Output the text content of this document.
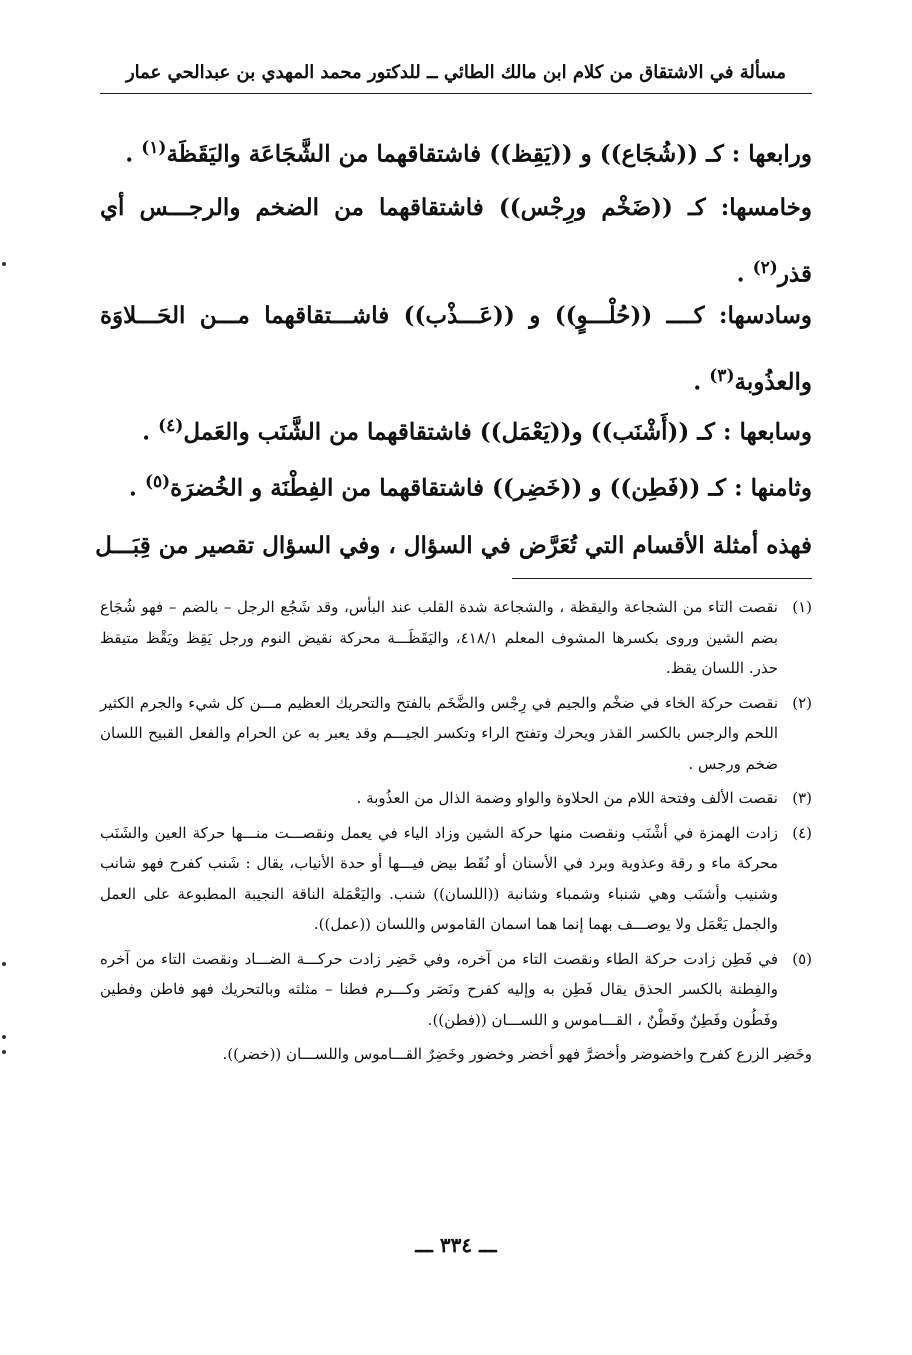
مسألة في الاشتقاق من كلام ابن مالك الطائي ــ للدكتور محمد المهدي بن عبدالحي عمار

ورابعها : كـ ((شُجَاع)) و ((يَقِظ)) فاشتقاقهما من الشَّجَاعَة واليَقَظَة$^{(١)}$ .

وخامسها: كـ ((ضَخْم ورِجْس)) فاشتقاقهما من الضخم والرجـــس أي قذر$^{(٢)}$ .

وسادسها: كــــ ((حُلْـــوٍ)) و ((عَـــذْب)) فاشـــتقاقهما مـــن الحَـــلاوَة والعذُوبة$^{(٣)}$ .

وسابعها : كـ ((أَشْنَب)) و((يَعْمَل)) فاشتقاقهما من الشَّنَب والعَمل$^{(٤)}$ .

وثامنها : كـ ((فَطِن)) و ((خَضِر)) فاشتقاقهما من الفِطْنَة و الخُضرَة$^{(٥)}$ .

فهذه أمثلة الأقسام التي تُعَرَّض في السؤال ، وفي السؤال تقصير من قِبَـــل

(١)
نقصت التاء من الشجاعة واليقظة ، والشجاعة شدة القلب عند البأس، وقد شَجُع الرجل – بالضم – فهو شُجَاع بضم الشين وروى بكسرها المشوف المعلم ٤١٨/١، واليَقَظَـــة محركة نقيض النوم ورجل يَقِظ ويَقْظ متيقظ حذر. اللسان يقظ.

(٢)
نقصت حركة الخاء في ضخْم والجيم في رِجْس والضَّخَم بالفتح والتحريك العظيم مـــن كل شيء والجرم الكثير اللحم والرجس بالكسر القذر ويحرك وتفتح الراء وتكسر الجيـــم وقد يعبر به عن الحرام والفعل القبيح اللسان ضخم ورجس .

(٣)
نقصت الألف وفتحة اللام من الحلاوة والواو وضمة الذال من العذُوبة .

(٤)
زادت الهمزة في أشْنَب ونقصت منها حركة الشين وزاد الياء في يعمل ونقصـــت منـــها حركة العين والشَنَب محركة ماء و رقة وعذوبة وبرد في الأسنان أو نُقَط بيض فيـــها أو حدة الأنياب، يقال : شَنب كفرح فهو شانب وشنيب وأشنَب وهي شنباء وشمباء وشانبة ((اللسان)) شنب. واليَعْمَلة الناقة النجيبة المطبوعة على العمل والجمل يَعْمَل ولا يوصـــف بهما إنما هما اسمان القاموس واللسان ((عمل)).

(٥)
في فَطِن زادت حركة الطاء ونقصت التاء من آخره، وفي خَضِر زادت حركـــة الضـــاد ونقصت التاء من آخره والفِطنة بالكسر الحذق يقال فَطِن به وإليه كفرح ونَصَر وكـــرم فطنا – مثلثه وبالتحريك فهو فاطن وفطين وفَطُون وفَطِنٌ وفَطْنٌ ، القـــاموس و اللســـان ((فطن)).

وخَضِر الزرع كفرح واخضوضر وأخضرَّ فهو أخضر وخضور وخَضِرٌ القـــاموس واللســـان ((خضر)).

ـــ ٣٣٤ ـــ
